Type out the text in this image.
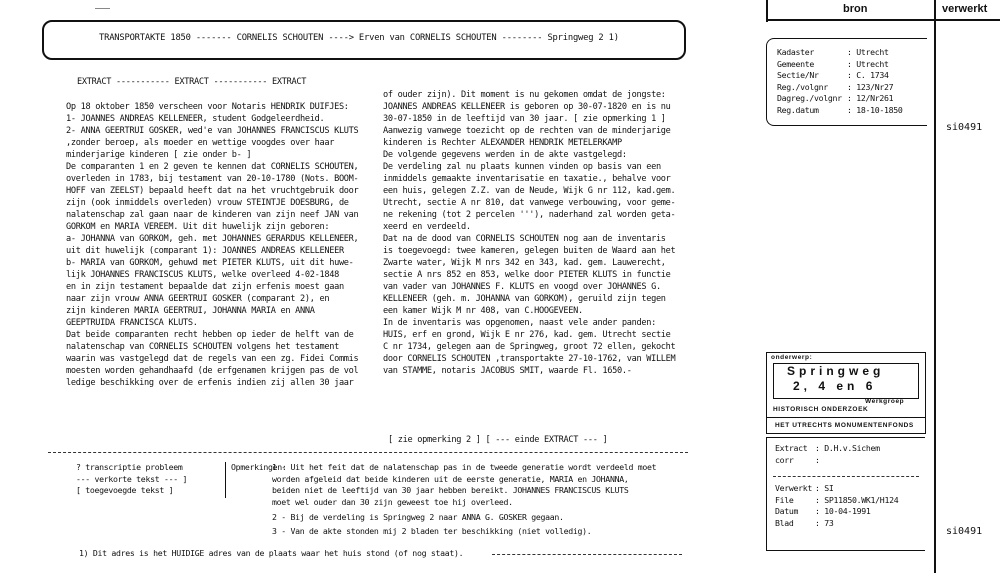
TRANSPORTAKTE 1850 ------- CORNELIS SCHOUTEN ----> Erven van CORNELIS SCHOUTEN -------- Springweg 2 1)
EXTRACT ----------- EXTRACT ----------- EXTRACT
Op 18 oktober 1850 verscheen voor Notaris HENDRIK DUIFJES:
1- JOANNES ANDREAS KELLENEER, student Godgeleerdheid.
2- ANNA GEERTRUI GOSKER, wed'e van JOHANNES FRANCISCUS KLUTS
,zonder beroep, als moeder en wettige voogdes over haar
minderjarige kinderen [ zie onder b- ]
De comparanten 1 en 2 geven te kennen dat CORNELIS SCHOUTEN,
overleden in 1783, bij testament van 20-10-1780 (Nots. BOOM-
HOFF van ZEELST) bepaald heeft dat na het vruchtgebruik door
zijn (ook inmiddels overleden) vrouw STEINTJE DOESBURG, de
nalatenschap zal gaan naar de kinderen van zijn neef JAN van
GORKOM en MARIA VEREEM. Uit dit huwelijk zijn geboren:
a- JOHANNA van GORKOM, geh. met JOHANNES GERARDUS KELLENEER,
uit dit huwelijk (comparant 1): JOANNES ANDREAS KELLENEER
b- MARIA van GORKOM, gehuwd met PIETER KLUTS, uit dit huwe-
lijk JOHANNES FRANCISCUS KLUTS, welke overleed 4-02-1848
en in zijn testament bepaalde dat zijn erfenis moest gaan
naar zijn vrouw ANNA GEERTRUI GOSKER (comparant 2), en
zijn kinderen MARIA GEERTRUI, JOHANNA MARIA en ANNA
GEEPTRUIDA FRANCISCA KLUTS.
Dat beide comparanten recht hebben op ieder de helft van de
nalatenschap van CORNELIS SCHOUTEN volgens het testament
waarin was vastgelegd dat de regels van een zg. Fidei Commis
moesten worden gehandhaafd (de erfgenamen krijgen pas de vol
ledige beschikking over de erfenis indien zij allen 30 jaar
of ouder zijn). Dit moment is nu gekomen omdat de jongste:
JOANNES ANDREAS KELLENEER is geboren op 30-07-1820 en is nu
30-07-1850 in de leeftijd van 30 jaar. [ zie opmerking 1 ]
Aanwezig vanwege toezicht op de rechten van de minderjarige
kinderen is Rechter ALEXANDER HENDRIK METELERKAMP
De volgende gegevens werden in de akte vastgelegd:
De verdeling zal nu plaats kunnen vinden op basis van een
inmiddels gemaakte inventarisatie en taxatie., behalve voor
een huis, gelegen Z.Z. van de Neude, Wijk G nr 112, kad.gem.
Utrecht, sectie A nr 810, dat vanwege verbouwing, voor geme-
ne rekening (tot 2 percelen '''), naderhand zal worden geta-
xeerd en verdeeld.
Dat na de dood van CORNELIS SCHOUTEN nog aan de inventaris
is toegevoegd: twee kameren, gelegen buiten de Waard aan het
Zwarte water, Wijk M nrs 342 en 343, kad. gem. Lauwerecht,
sectie A nrs 852 en 853, welke door PIETER KLUTS in functie
van vader van JOHANNES F. KLUTS en voogd over JOHANNES G.
KELLENEER (geh. m. JOHANNA van GORKOM), geruild zijn tegen
een kamer Wijk M nr 408, van C.HOOGEVEEN.
In de inventaris was opgenomen, naast vele ander panden:
HUIS, erf en grond, Wijk E nr 276, kad. gem. Utrecht sectie
C nr 1734, gelegen aan de Springweg, groot 72 ellen, gekocht
door CORNELIS SCHOUTEN ,transportakte 27-10-1762, van WILLEM
van STAMME, notaris JACOBUS SMIT, waarde Fl. 1650.-
[ zie opmerking 2 ] [ --- einde EXTRACT --- ]
? transcriptie probleem
--- verkorte tekst --- ]
[ toegevoegde tekst ]
Opmerkingen:
1 - Uit het feit dat de nalatenschap pas in de tweede generatie wordt verdeeld moet
worden afgeleid dat beide kinderen uit de eerste generatie, MARIA en JOHANNA,
beiden niet de leeftijd van 30 jaar hebben bereikt. JOHANNES FRANCISCUS KLUTS
moet wel ouder dan 30 zijn geweest toe hij overleed.
2 - Bij de verdeling is Springweg 2 naar ANNA G. GOSKER gegaan.
3 - Van de akte stonden mij 2 bladen ter beschikking (niet volledig).
1) Dit adres is het HUIDIGE adres van de plaats waar het huis stond (of nog staat).
bron	verwerkt
Kadaster	: Utrecht
Gemeente	: Utrecht
Sectie/Nr	: C. 1734
Reg./volgnr : 123/Nr27
Dagreg./volgnr : 12/Nr261
Reg.datum	: 18-10-1850
si0491
onderwerp:
Springweg
2, 4 en 6
Werkgroep
HISTORISCH ONDERZOEK
HET UTRECHTS MONUMENTENFONDS
Extract : D.H.v.Sichem
corr	:
Verwerkt : SI
File	: SP11850.WK1/H124
Datum : 10-04-1991
Blad	: 73
si0491
